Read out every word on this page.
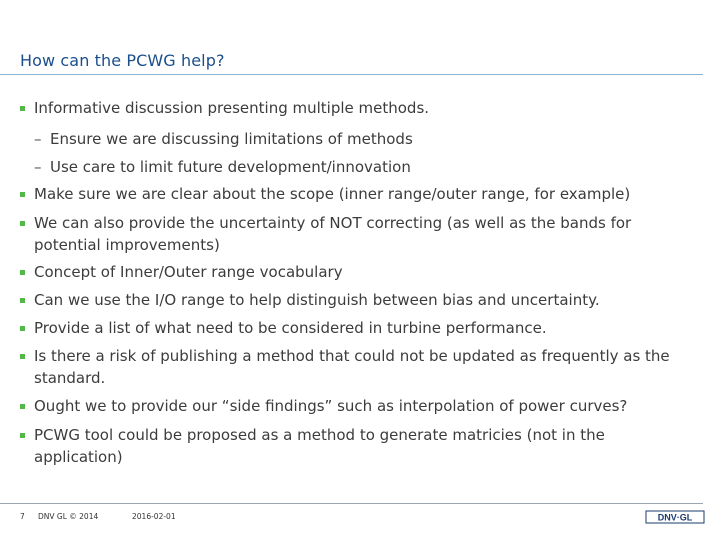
How can the PCWG help?
Informative discussion presenting multiple methods.
– Ensure we are discussing limitations of methods
– Use care to limit future development/innovation
Make sure we are clear about the scope (inner range/outer range, for example)
We can also provide the uncertainty of NOT correcting (as well as the bands for potential improvements)
Concept of Inner/Outer range vocabulary
Can we use the I/O range to help distinguish between bias and uncertainty.
Provide a list of what need to be considered in turbine performance.
Is there a risk of publishing a method that could not be updated as frequently as the standard.
Ought we to provide our “side findings” such as interpolation of power curves?
PCWG tool could be proposed as a method to generate matricies (not in the application)
7 DNV GL © 2014	2016-02-01	DNV·GL
